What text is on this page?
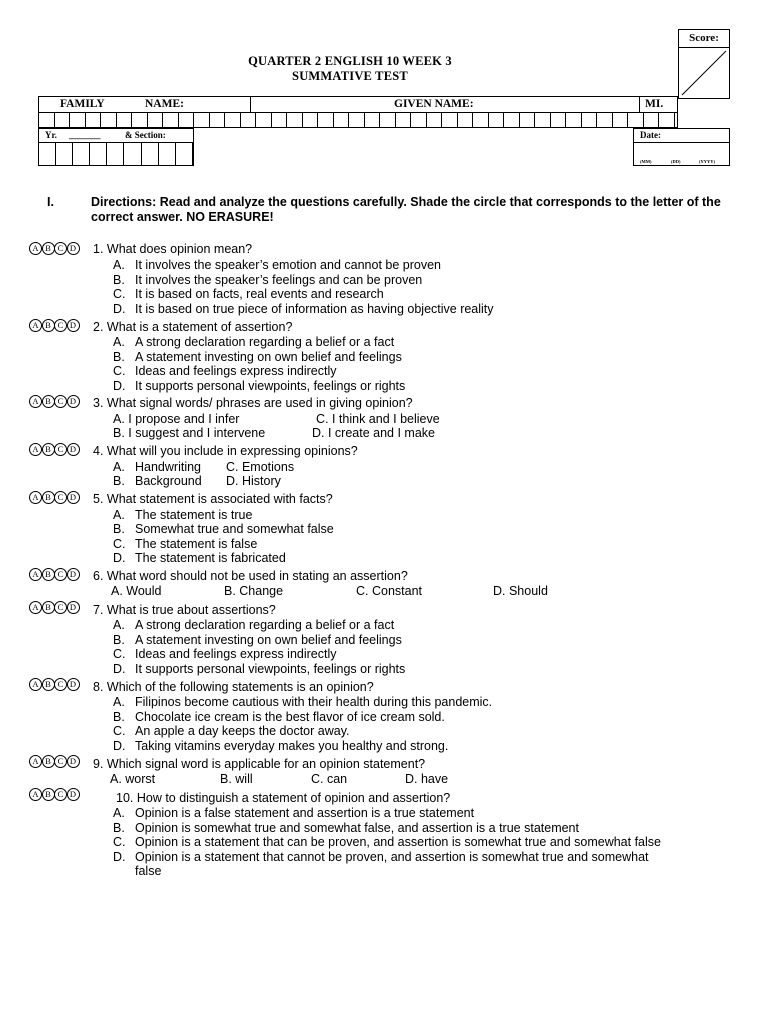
Score:
QUARTER 2 ENGLISH 10 WEEK 3
SUMMATIVE TEST
FAMILY	NAME:	GIVEN NAME:	MI.
Yr. _______	& Section:	Date:
(MM)	(DD)	(YYYY)
I.	Directions: Read and analyze the questions carefully. Shade the circle that corresponds to the letter of the correct answer. NO ERASURE!
A B C D 1. What does opinion mean?
A. It involves the speaker’s emotion and cannot be proven
B. It involves the speaker’s feelings and can be proven
C. It is based on facts, real events and research
D. It is based on true piece of information as having objective reality
A B C D 2. What is a statement of assertion?
A. A strong declaration regarding a belief or a fact
B. A statement investing on own belief and feelings
C. Ideas and feelings express indirectly
D. It supports personal viewpoints, feelings or rights
A B C D 3. What signal words/ phrases are used in giving opinion?
A. I propose and I infer	C. I think and I believe
B. I suggest and I intervene	D. I create and I make
A B C D 4. What will you include in expressing opinions?
A. Handwriting C. Emotions
B. Background D. History
A B C D 5. What statement is associated with facts?
A. The statement is true
B. Somewhat true and somewhat false
C. The statement is false
D. The statement is fabricated
A B C D 6. What word should not be used in stating an assertion?
A. Would	B. Change	C. Constant	D. Should
A B C D 7. What is true about assertions?
A. A strong declaration regarding a belief or a fact
B. A statement investing on own belief and feelings
C. Ideas and feelings express indirectly
D. It supports personal viewpoints, feelings or rights
A B C D 8. Which of the following statements is an opinion?
A. Filipinos become cautious with their health during this pandemic.
B. Chocolate ice cream is the best flavor of ice cream sold.
C. An apple a day keeps the doctor away.
D. Taking vitamins everyday makes you healthy and strong.
A B C D 9. Which signal word is applicable for an opinion statement?
A. worst	B. will	C. can	D. have
A B C D	10. How to distinguish a statement of opinion and assertion?
A. Opinion is a false statement and assertion is a true statement
B. Opinion is somewhat true and somewhat false, and assertion is a true statement
C. Opinion is a statement that can be proven, and assertion is somewhat true and somewhat false
D. Opinion is a statement that cannot be proven, and assertion is somewhat true and somewhat
false
